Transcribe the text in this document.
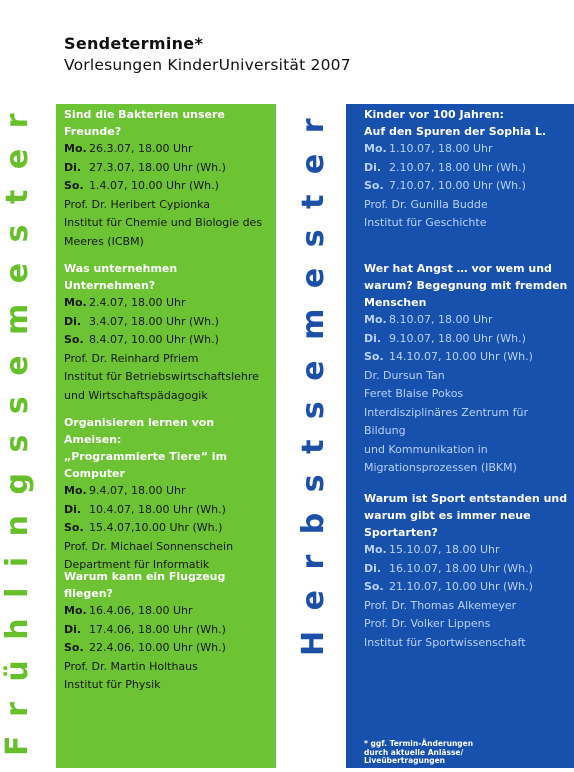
Sendetermine*
Vorlesungen KinderUniversität 2007
Frühlingssemester	Herbstsemester
Sind die Bakterien unsere Freunde?
Mo. 26.3.07, 18.00 Uhr
Di. 27.3.07, 18.00 Uhr (Wh.)
So. 1.4.07, 10.00 Uhr (Wh.)
Prof. Dr. Heribert Cypionka
Institut für Chemie und Biologie des
Meeres (ICBM)
Was unternehmen Unternehmen?
Mo. 2.4.07, 18.00 Uhr
Di. 3.4.07, 18.00 Uhr (Wh.)
So. 8.4.07, 10.00 Uhr (Wh.)
Prof. Dr. Reinhard Pfriem
Institut für Betriebswirtschaftslehre
und Wirtschaftspädagogik
Organisieren lernen von Ameisen:
„Programmierte Tiere“ im Computer
Mo. 9.4.07, 18.00 Uhr
Di. 10.4.07, 18.00 Uhr (Wh.)
So. 15.4.07,10.00 Uhr (Wh.)
Prof. Dr. Michael Sonnenschein
Department für Informatik
Warum kann ein Flugzeug fliegen?
Mo. 16.4.06, 18.00 Uhr
Di. 17.4.06, 18.00 Uhr (Wh.)
So. 22.4.06, 10.00 Uhr (Wh.)
Prof. Dr. Martin Holthaus
Institut für Physik
Kinder vor 100 Jahren:
Auf den Spuren der Sophia L.
Mo. 1.10.07, 18.00 Uhr
Di. 2.10.07, 18.00 Uhr (Wh.)
So. 7.10.07, 10.00 Uhr (Wh.)
Prof. Dr. Gunilla Budde
Institut für Geschichte
Wer hat Angst … vor wem und
warum? Begegnung mit fremden
Menschen
Mo. 8.10.07, 18.00 Uhr
Di. 9.10.07, 18.00 Uhr (Wh.)
So. 14.10.07, 10.00 Uhr (Wh.)
Dr. Dursun Tan
Feret Blaise Pokos
Interdisziplinäres Zentrum für Bildung
und Kommunikation in
Migrationsprozessen (IBKM)
Warum ist Sport entstanden und
warum gibt es immer neue
Sportarten?
Mo. 15.10.07, 18.00 Uhr
Di. 16.10.07, 18.00 Uhr (Wh.)
So. 21.10.07, 10.00 Uhr (Wh.)
Prof. Dr. Thomas Alkemeyer
Prof. Dr. Volker Lippens
Institut für Sportwissenschaft
* ggf. Termin-Änderungen
durch aktuelle Anlässe/
Liveübertragungen
